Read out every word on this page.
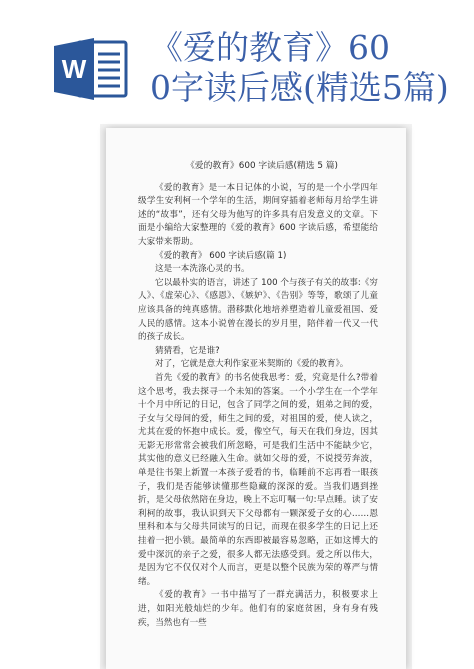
W
《爱的教育》60
0字读后感(精选5篇)
《爱的教育》600 字读后感(精选 5 篇)

《爱的教育》是一本日记体的小说，写的是一个小学四年级学生安利柯一个学年的生活，期间穿插着老师每月给学生讲述的“故事”，还有父母为他写的许多具有启发意义的文章。下面是小编给大家整理的《爱的教育》600 字读后感，希望能给大家带来帮助。

《爱的教育》 600 字读后感(篇 1)

这是一本洗涤心灵的书。

它以最朴实的语言，讲述了 100 个与孩子有关的故事:《穷人》、《虚荣心》、《感恩》、《嫉妒》、《告别》等等，歌颂了儿童应该具备的纯真感情。潜移默化地培养塑造着儿童爱祖国、爱人民的感情。这本小说曾在漫长的岁月里，陪伴着一代又一代的孩子成长。

猜猜看，它是谁?

对了，它就是意大利作家亚米契斯的《爱的教育》。

首先《爱的教育》的书名使我思考：爱，究竟是什么?带着这个思考，我去探寻一个未知的答案。一个小学生在一个学年十个月中所记的日记，包含了同学之间的爱，姐弟之间的爱，子女与父母间的爱，师生之间的爱，对祖国的爱，使人读之，尤其在爱的怀抱中成长。爱，像空气，每天在我们身边，因其无影无形常常会被我们所忽略，可是我们生活中不能缺少它，其实他的意义已经融入生命。就如父母的爱，不说授劳奔波，单是往书架上新置一本孩子爱看的书，临睡前不忘再看一眼孩子，我们是否能够读懂那些隐藏的深深的爱。当我们遇到挫折，是父母依然陪在身边，晚上不忘叮嘱一句:早点睡。读了安利柯的故事，我认识到天下父母都有一颗深爱子女的心……恩里科和本与父母共同读写的日记，而现在很多学生的日记上还挂着一把小锁。最简单的东西即被最容易忽略，正如这博大的爱中深沉的亲子之爱，很多人都无法感受到。爱之所以伟大，是因为它不仅仅对个人而言，更是以整个民族为荣的尊严与情绪。

《爱的教育》一书中描写了一群充满活力，积极要求上进，如阳光般灿烂的少年。他们有的家庭贫困，身有身有残疾，当然也有一些
